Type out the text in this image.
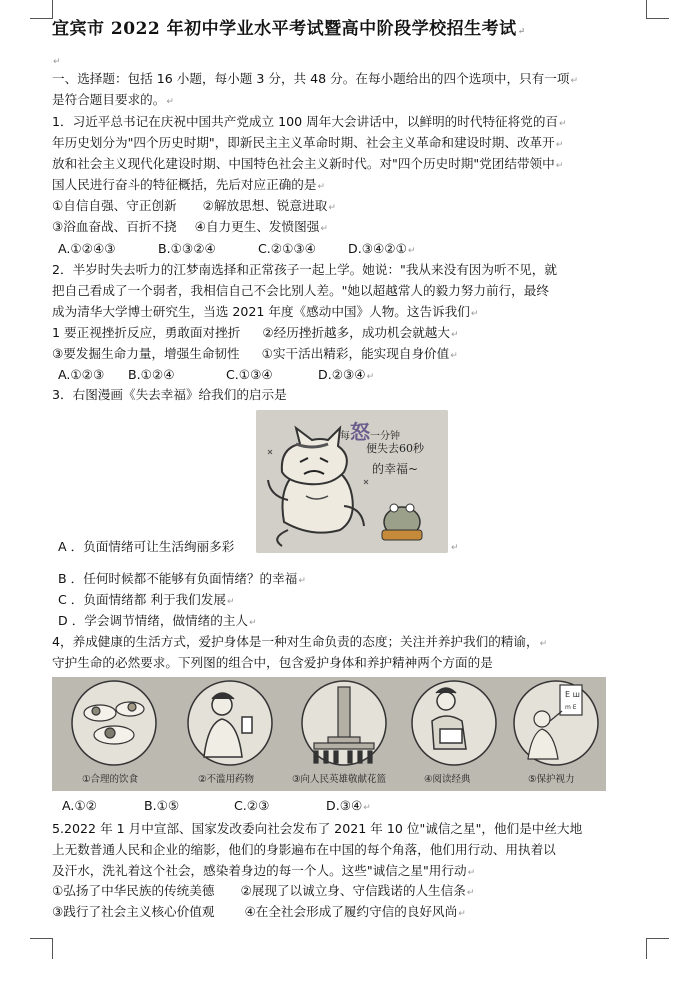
宜宾市 2022 年初中学业水平考试暨高中阶段学校招生考试↵
↵
一、选择题：包括 16 小题，每小题 3 分，共 48 分。在每小题给出的四个选项中，只有一项↵
是符合题目要求的。↵
1．习近平总书记在庆祝中国共产党成立 100 周年大会讲话中，以鲜明的时代特征将党的百↵
年历史划分为"四个历史时期"，即新民主主义革命时期、社会主义革命和建设时期、改革开↵
放和社会主义现代化建设时期、中国特色社会主义新时代。对"四个历史时期"党团结带领中↵
国人民进行奋斗的特征概括，先后对应正确的是↵
①自信自强、守正创新 ②解放思想、锐意进取↵
③浴血奋战、百折不挠 ④自力更生、发愤图强↵
A.①②④③	B.①③②④	C.②①③④	D.③④②①↵
2．半岁时失去听力的江梦南选择和正常孩子一起上学。她说："我从来没有因为听不见，就
把自己看成了一个弱者，我相信自己不会比别人差。"她以超越常人的毅力努力前行，最终
成为清华大学博士研究生，当选 2021 年度《感动中国》人物。这告诉我们↵
1 要正视挫折反应，勇敢面对挫折 ②经历挫折越多，成功机会就越大↵
③要发掘生命力量，增强生命韧性 ①实干活出精彩，能实现自身价值↵
A.①②③ B.①②④	C.①③④	D.②③④↵
3．右图漫画《失去幸福》给我们的启示是
每怒一分钟
便失去60秒
的幸福~
↵
A ．负面情绪可让生活绚丽多彩
B ．任何时候都不能够有负面情绪？的幸福↵
C ．负面情绪都 利于我们发展↵
D ．学会调节情绪，做情绪的主人↵
4，养成健康的生活方式，爱护身体是一种对生命负责的态度；关注并养护我们的精谕，↵
守护生命的必然要求。下列图的组合中，包含爱护身体和养护精神两个方面的是
E ш
m E
①合理的饮食	②不滥用药物	③向人民英雄敬献花篮	④阅读经典	⑤保护视力
A.①②	B.①⑤	C.②③	D.③④↵
5.2022 年 1 月中宣部、国家发改委向社会发布了 2021 年 10 位"诚信之星"，他们是中丝大地
上无数普通人民和企业的缩影，他们的身影遍布在中国的每个角落，他们用行动、用执着以
及汗水，洗礼着这个社会，感染着身边的每一个人。这些"诚信之星"用行动↵
①弘扬了中华民族的传统美德 ②展现了以诚立身、守信践诺的人生信条↵
③践行了社会主义核心价值观 ④在全社会形成了履约守信的良好风尚↵
